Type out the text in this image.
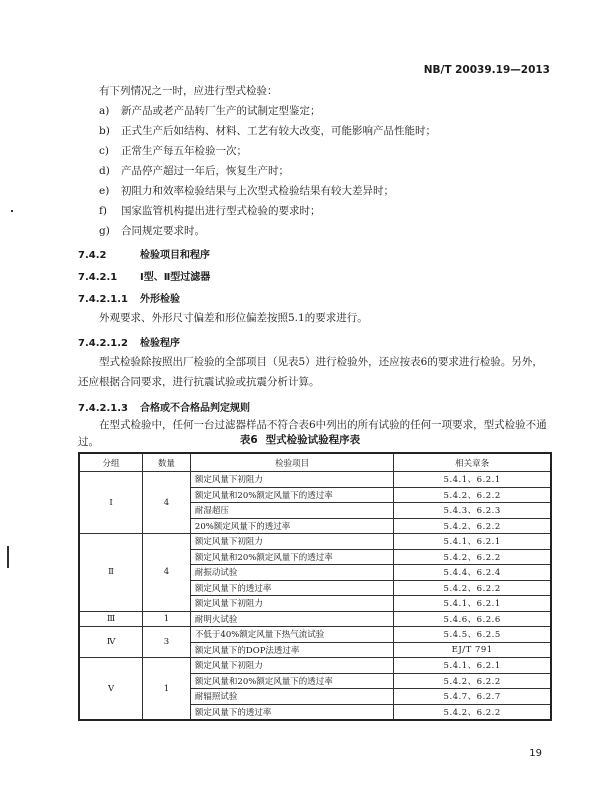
NB/T 20039.19—2013
有下列情况之一时，应进行型式检验：
a) 新产品或老产品转厂生产的试制定型鉴定；
b) 正式生产后如结构、材料、工艺有较大改变，可能影响产品性能时；
c) 正常生产每五年检验一次；
d) 产品停产超过一年后，恢复生产时；
e) 初阻力和效率检验结果与上次型式检验结果有较大差异时；
f) 国家监管机构提出进行型式检验的要求时；
g) 合同规定要求时。
7.4.2	检验项目和程序
7.4.2.1 Ⅰ型、Ⅱ型过滤器
7.4.2.1.1 外形检验
外观要求、外形尺寸偏差和形位偏差按照5.1的要求进行。
7.4.2.1.2 检验程序
型式检验除按照出厂检验的全部项目（见表5）进行检验外，还应按表6的要求进行检验。另外，还应根据合同要求，进行抗震试验或抗震分析计算。
7.4.2.1.3 合格或不合格品判定规则
在型式检验中，任何一台过滤器样品不符合表6中列出的所有试验的任何一项要求，型式检验不通过。	表6 型式检验试验程序表
分组	数量	检验项目	相关章条
Ⅰ	4	额定风量下初阻力	5.4.1、6.2.1
		额定风量和20%额定风量下的透过率	5.4.2、6.2.2
		耐湿超压	5.4.3、6.2.3
		20%额定风量下的透过率	5.4.2、6.2.2
Ⅱ	4	额定风量下初阻力	5.4.1、6.2.1
		额定风量和20%额定风量下的透过率	5.4.2、6.2.2
		耐振动试验	5.4.4、6.2.4
		额定风量下的透过率	5.4.2、6.2.2
		额定风量下初阻力	5.4.1、6.2.1
Ⅲ	1	耐明火试验	5.4.6、6.2.6
Ⅳ	3	不低于40%额定风量下热气流试验	5.4.5、6.2.5
		额定风量下的DOP法透过率	EJ/T 791
Ⅴ	1	额定风量下初阻力	5.4.1、6.2.1
		额定风量和20%额定风量下的透过率	5.4.2、6.2.2
		耐辐照试验	5.4.7、6.2.7
		额定风量下的透过率	5.4.2、6.2.2
19
